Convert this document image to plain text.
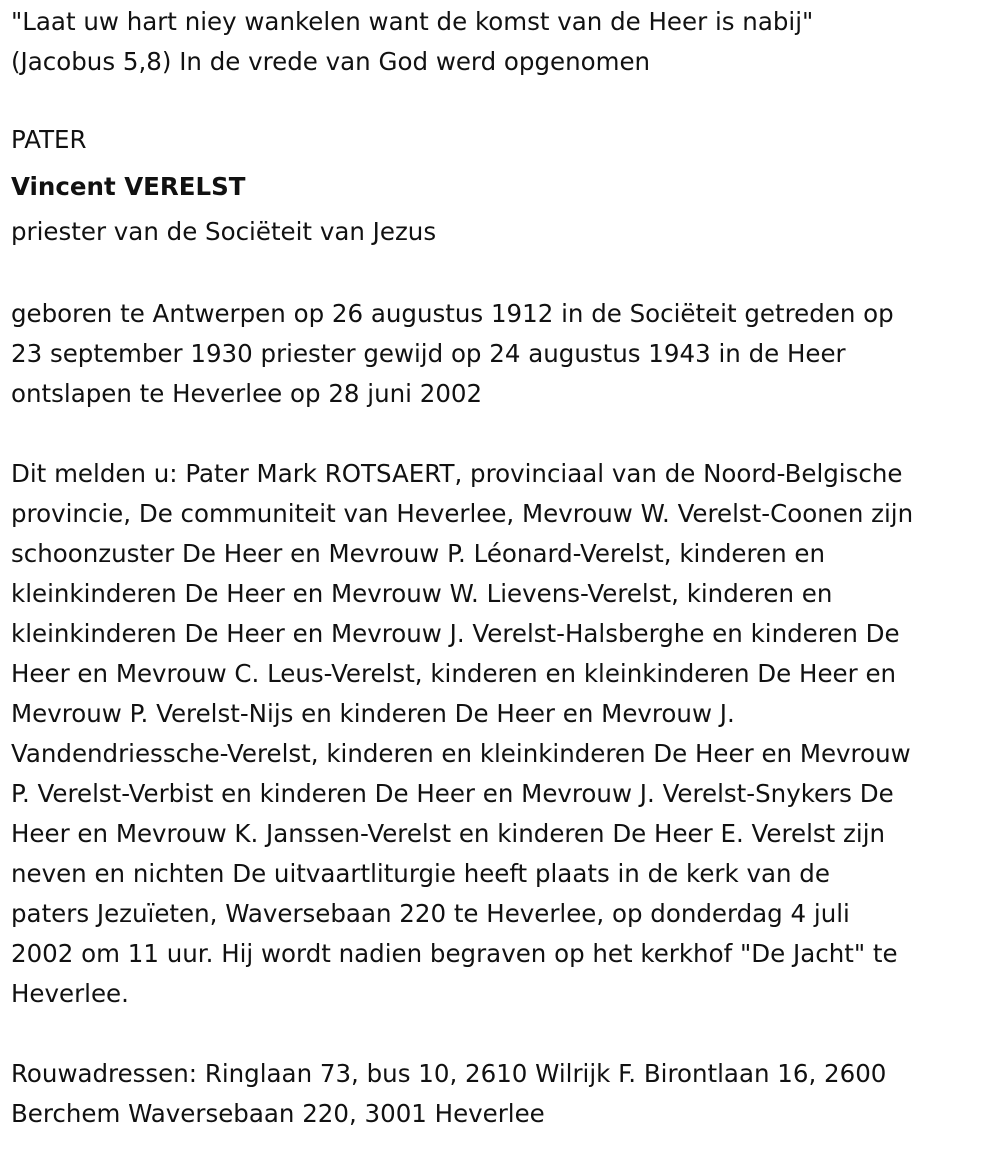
"Laat uw hart niey wankelen want de komst van de Heer is nabij"
(Jacobus 5,8) In de vrede van God werd opgenomen
PATER
Vincent VERELST
priester van de Sociëteit van Jezus
geboren te Antwerpen op 26 augustus 1912 in de Sociëteit getreden op
23 september 1930 priester gewijd op 24 augustus 1943 in de Heer
ontslapen te Heverlee op 28 juni 2002
Dit melden u: Pater Mark ROTSAERT, provinciaal van de Noord-Belgische
provincie, De communiteit van Heverlee, Mevrouw W. Verelst-Coonen zijn
schoonzuster De Heer en Mevrouw P. Léonard-Verelst, kinderen en
kleinkinderen De Heer en Mevrouw W. Lievens-Verelst, kinderen en
kleinkinderen De Heer en Mevrouw J. Verelst-Halsberghe en kinderen De
Heer en Mevrouw C. Leus-Verelst, kinderen en kleinkinderen De Heer en
Mevrouw P. Verelst-Nijs en kinderen De Heer en Mevrouw J.
Vandendriessche-Verelst, kinderen en kleinkinderen De Heer en Mevrouw
P. Verelst-Verbist en kinderen De Heer en Mevrouw J. Verelst-Snykers De
Heer en Mevrouw K. Janssen-Verelst en kinderen De Heer E. Verelst zijn
neven en nichten De uitvaartliturgie heeft plaats in de kerk van de
paters Jezuïeten, Waversebaan 220 te Heverlee, op donderdag 4 juli
2002 om 11 uur. Hij wordt nadien begraven op het kerkhof "De Jacht" te
Heverlee.
Rouwadressen: Ringlaan 73, bus 10, 2610 Wilrijk F. Birontlaan 16, 2600
Berchem Waversebaan 220, 3001 Heverlee
